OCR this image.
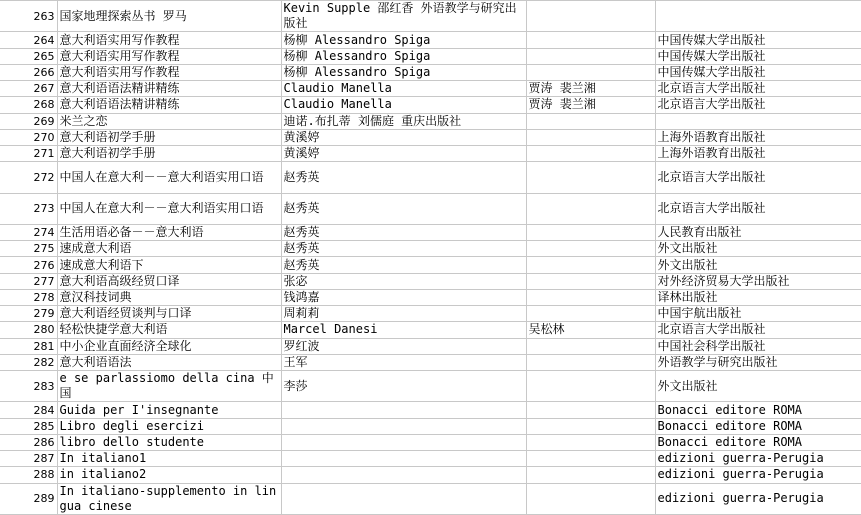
263	国家地理探索丛书 罗马	Kevin Supple 邵红香 外语教学与研究出版社		
264	意大利语实用写作教程	杨柳 Alessandro Spiga		中国传媒大学出版社
265	意大利语实用写作教程	杨柳 Alessandro Spiga		中国传媒大学出版社
266	意大利语实用写作教程	杨柳 Alessandro Spiga		中国传媒大学出版社
267	意大利语语法精讲精练	Claudio Manella	贾涛 裴兰湘	北京语言大学出版社
268	意大利语语法精讲精练	Claudio Manella	贾涛 裴兰湘	北京语言大学出版社
269	米兰之恋	迪诺.布扎蒂 刘儒庭 重庆出版社		
270	意大利语初学手册	黄溪婷		上海外语教育出版社
271	意大利语初学手册	黄溪婷		上海外语教育出版社
272	中国人在意大利－－意大利语实用口语	赵秀英		北京语言大学出版社
273	中国人在意大利－－意大利语实用口语	赵秀英		北京语言大学出版社
274	生活用语必备－－意大利语	赵秀英		人民教育出版社
275	速成意大利语	赵秀英		外文出版社
276	速成意大利语下	赵秀英		外文出版社
277	意大利语高级经贸口译	张宓		对外经济贸易大学出版社
278	意汉科技词典	钱鸿嘉		译林出版社
279	意大利语经贸谈判与口译	周莉莉		中国宇航出版社
280	轻松快捷学意大利语	Marcel Danesi	吴松林	北京语言大学出版社
281	中小企业直面经济全球化	罗红波		中国社会科学出版社
282	意大利语语法	王军		外语教学与研究出版社
283	e se parlassiomo della cina 中国	李莎		外文出版社
284	Guida per I'insegnante			Bonacci editore ROMA
285	Libro degli esercizi			Bonacci editore ROMA
286	libro dello studente			Bonacci editore ROMA
287	In italiano1			edizioni guerra-Perugia
288	in italiano2			edizioni guerra-Perugia
289	In italiano-supplemento in lingua cinese			edizioni guerra-Perugia
